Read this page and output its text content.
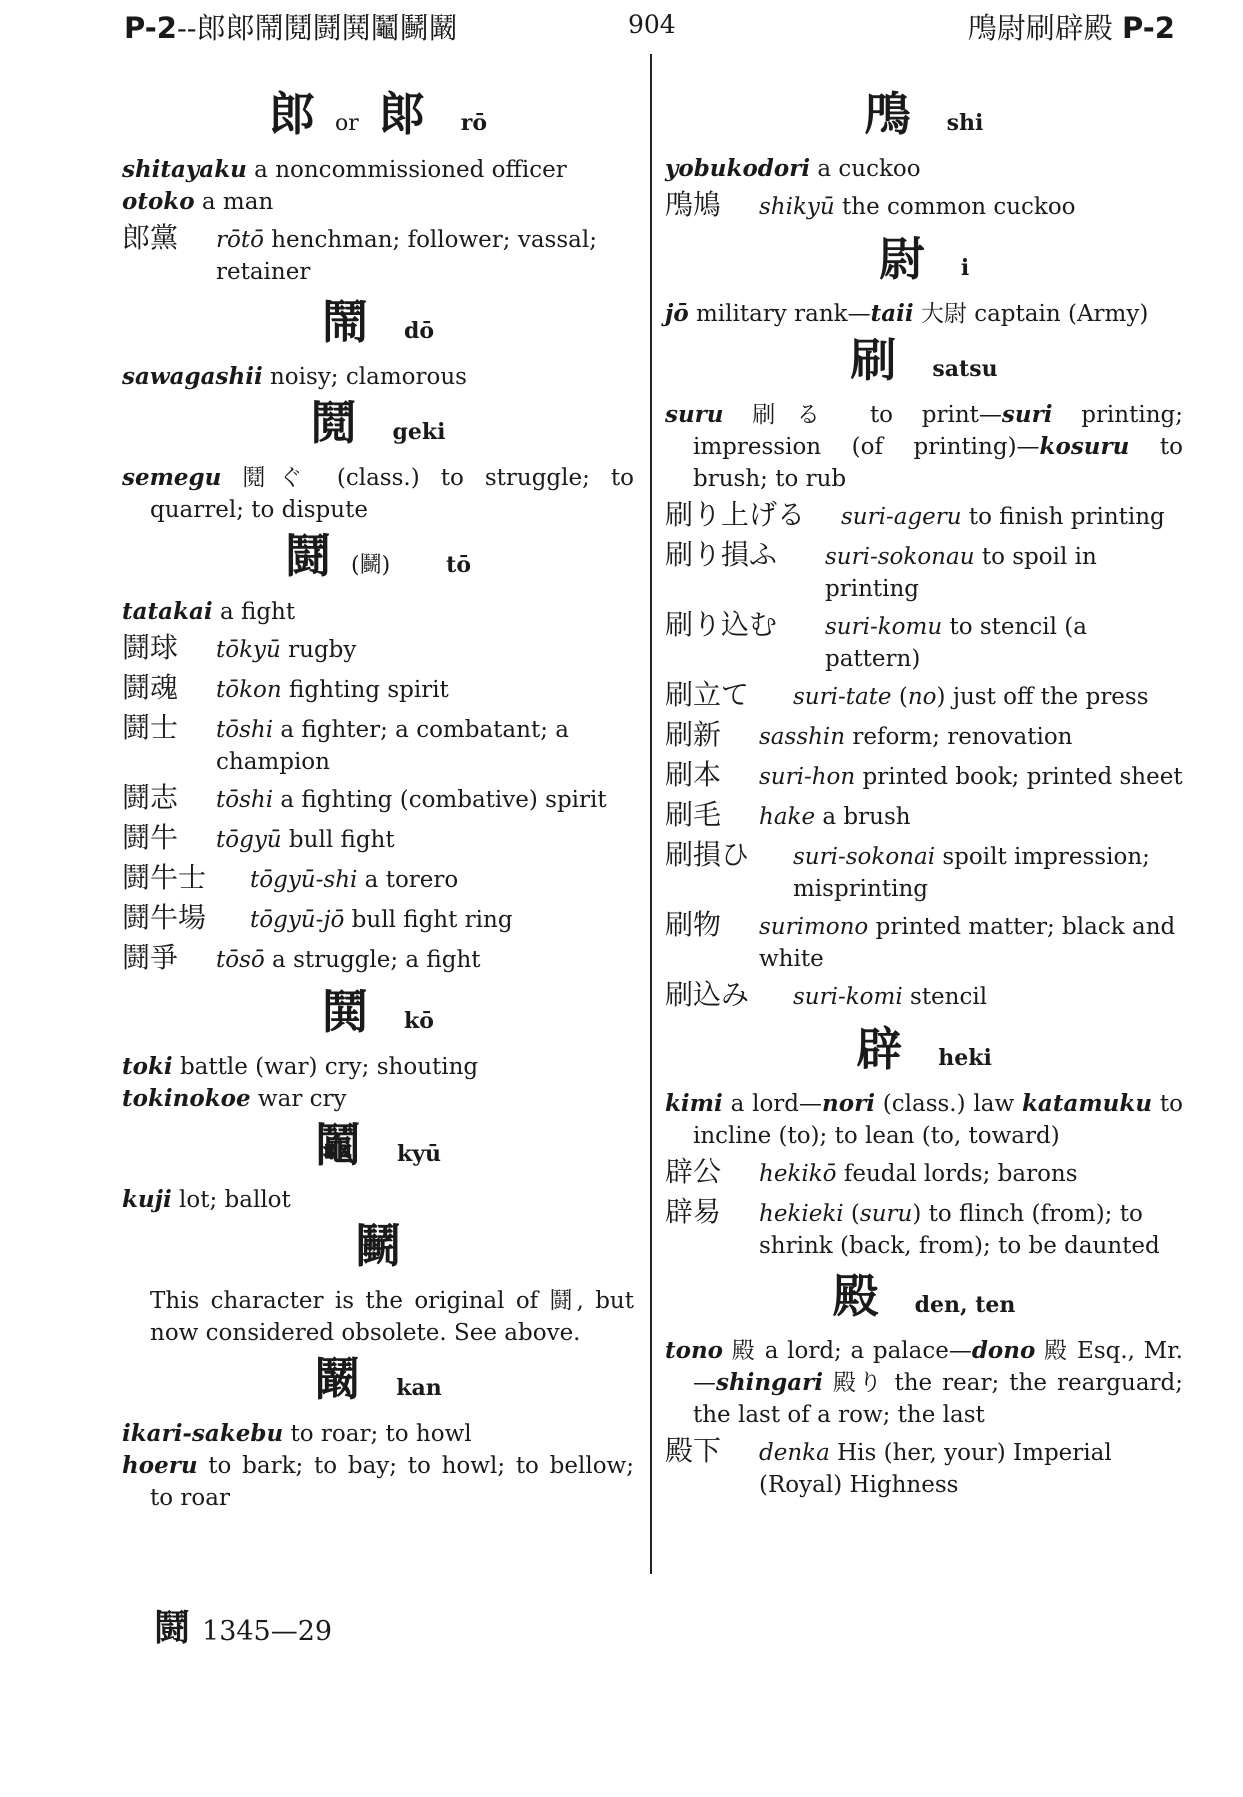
P-2--郎郞鬧鬩鬪鬨鬮鬭鬫	904	鳲尉刷辟殿 P-2
郎or 郞 rō
shitayaku a noncommissioned officer
otoko a man
郎黨 rōtō henchman; follower; vassal; retainer
鬧 dō
sawagashii noisy; clamorous
鬩 geki
semegu 鬩ぐ (class.) to struggle; to quarrel; to dispute
鬪 (鬭)	tō
tatakai a fight
鬪球 tōkyū rugby
鬪魂 tōkon fighting spirit
鬪士 tōshi a fighter; a combatant; a champion
鬪志 tōshi a fighting (combative) spirit
鬪牛 tōgyū bull fight
鬪牛士 tōgyū-shi a torero
鬪牛場 tōgyū-jō bull fight ring
鬪爭 tōsō a struggle; a fight
鬨 kō
toki battle (war) cry; shouting
tokinokoe war cry
鬮 kyū
kuji lot; ballot
鬭
This character is the original of 鬪, but now considered obsolete. See above.
鬫 kan
ikari-sakebu to roar; to howl
hoeru to bark; to bay; to howl; to bellow; to roar
鳲 shi
yobukodori a cuckoo
鳲鳩 shikyū the common cuckoo
尉 i
jō military rank—taii 大尉 captain (Army)
刷 satsu
suru 刷る to print—suri printing; impression (of printing)—kosuru to brush; to rub
刷り上げる suri-ageru to finish printing
刷り損ふ suri-sokonau to spoil in printing
刷り込む suri-komu to stencil (a pattern)
刷立て suri-tate (no) just off the press
刷新 sasshin reform; renovation
刷本 suri-hon printed book; printed sheet
刷毛 hake a brush
刷損ひ suri-sokonai spoilt impression; misprinting
刷物 surimono printed matter; black and white
刷込み suri-komi stencil
辟 heki
kimi a lord—nori (class.) law katamuku to incline (to); to lean (to, toward)
辟公 hekikō feudal lords; barons
辟易 hekieki (suru) to flinch (from); to shrink (back, from); to be daunted
殿 den, ten
tono 殿 a lord; a palace—dono 殿 Esq., Mr.—shingari 殿り the rear; the rearguard; the last of a row; the last
殿下 denka His (her, your) Imperial (Royal) Highness
鬪 1345—29
